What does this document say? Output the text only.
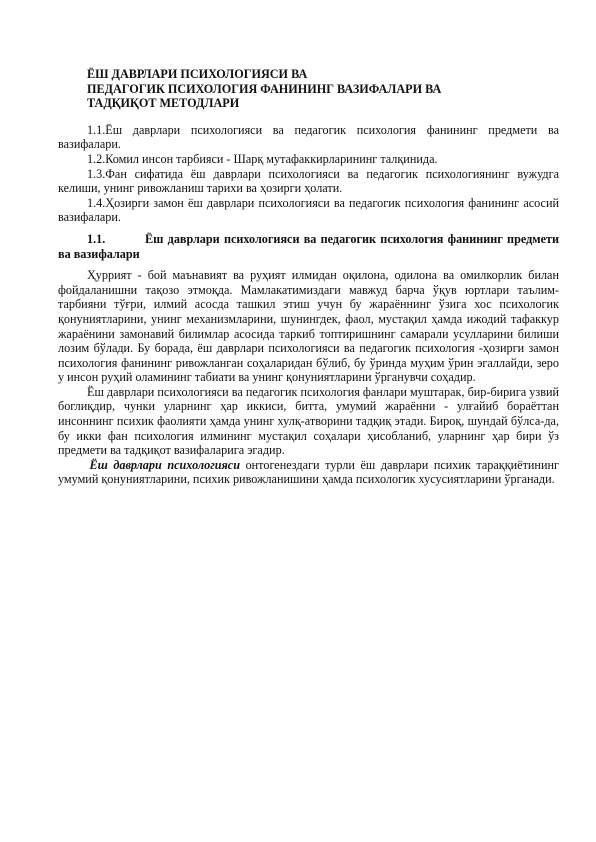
ЁШ ДАВРЛАРИ ПСИХОЛОГИЯСИ ВА
ПЕДАГОГИК ПСИХОЛОГИЯ ФАНИНИНГ ВАЗИФАЛАРИ ВА
ТАДҚИҚОТ МЕТОДЛАРИ

1.1.Ёш даврлари психологияси ва педагогик психология фанининг предмети ва вазифалари.

1.2.Комил инсон тарбияси - Шарқ мутафаккирларининг талқинида.

1.3.Фан сифатида ёш даврлари психологияси ва педагогик психологиянинг вужудга келиши, унинг ривожланиш тарихи ва ҳозирги ҳолати.

1.4.Ҳозирги замон ёш даврлари психологияси ва педагогик психология фанининг асосий вазифалари.

1.1.	Ёш даврлари психологияси ва педагогик психология фанининг предмети ва вазифалари

Ҳуррият - бой маънавият ва руҳият илмидан оқилона, одилона ва омилкорлик билан фойдаланишни тақозо этмоқда. Мамлакатимиздаги мавжуд барча ўқув юртлари таълим-тарбияни тўғри, илмий асосда ташкил этиш учун бу жараённинг ўзига хос психологик қонуниятларини, унинг механизмларини, шунингдек, фаол, мустақил ҳамда ижодий тафаккур жараёнини замонавий билимлар асосида таркиб топтиришнинг самарали усулларини билиши лозим бўлади. Бу борада, ёш даврлари психологияси ва педагогик психология -ҳозирги замон психология фанининг ривожланган соҳаларидан бўлиб, бу ўринда муҳим ўрин эгаллайди, зеро у инсон руҳий оламининг табиати ва унинг қонуниятларини ўрганувчи соҳадир.

Ёш даврлари психологияси ва педагогик психология фанлари муштарак, бир-бирига узвий боглиқдир, чунки уларнинг ҳар иккиси, битта, умумий жараённи - улғайиб бораёттан инсоннинг психик фаолияти ҳамда унинг хулқ-атворини тадқиқ этади. Бироқ, шундай бўлса-да, бу икки фан психология илмининг мустақил соҳалари ҳисобланиб, уларнинг ҳар бири ўз предмети ва тадқиқот вазифаларига эгадир.

 Ёш даврлари психологияси онтогенездаги турли ёш даврлари психик тараққиётининг умумий қонуниятларини, психик ривожланишини ҳамда психологик хусусиятларини ўрганади.
